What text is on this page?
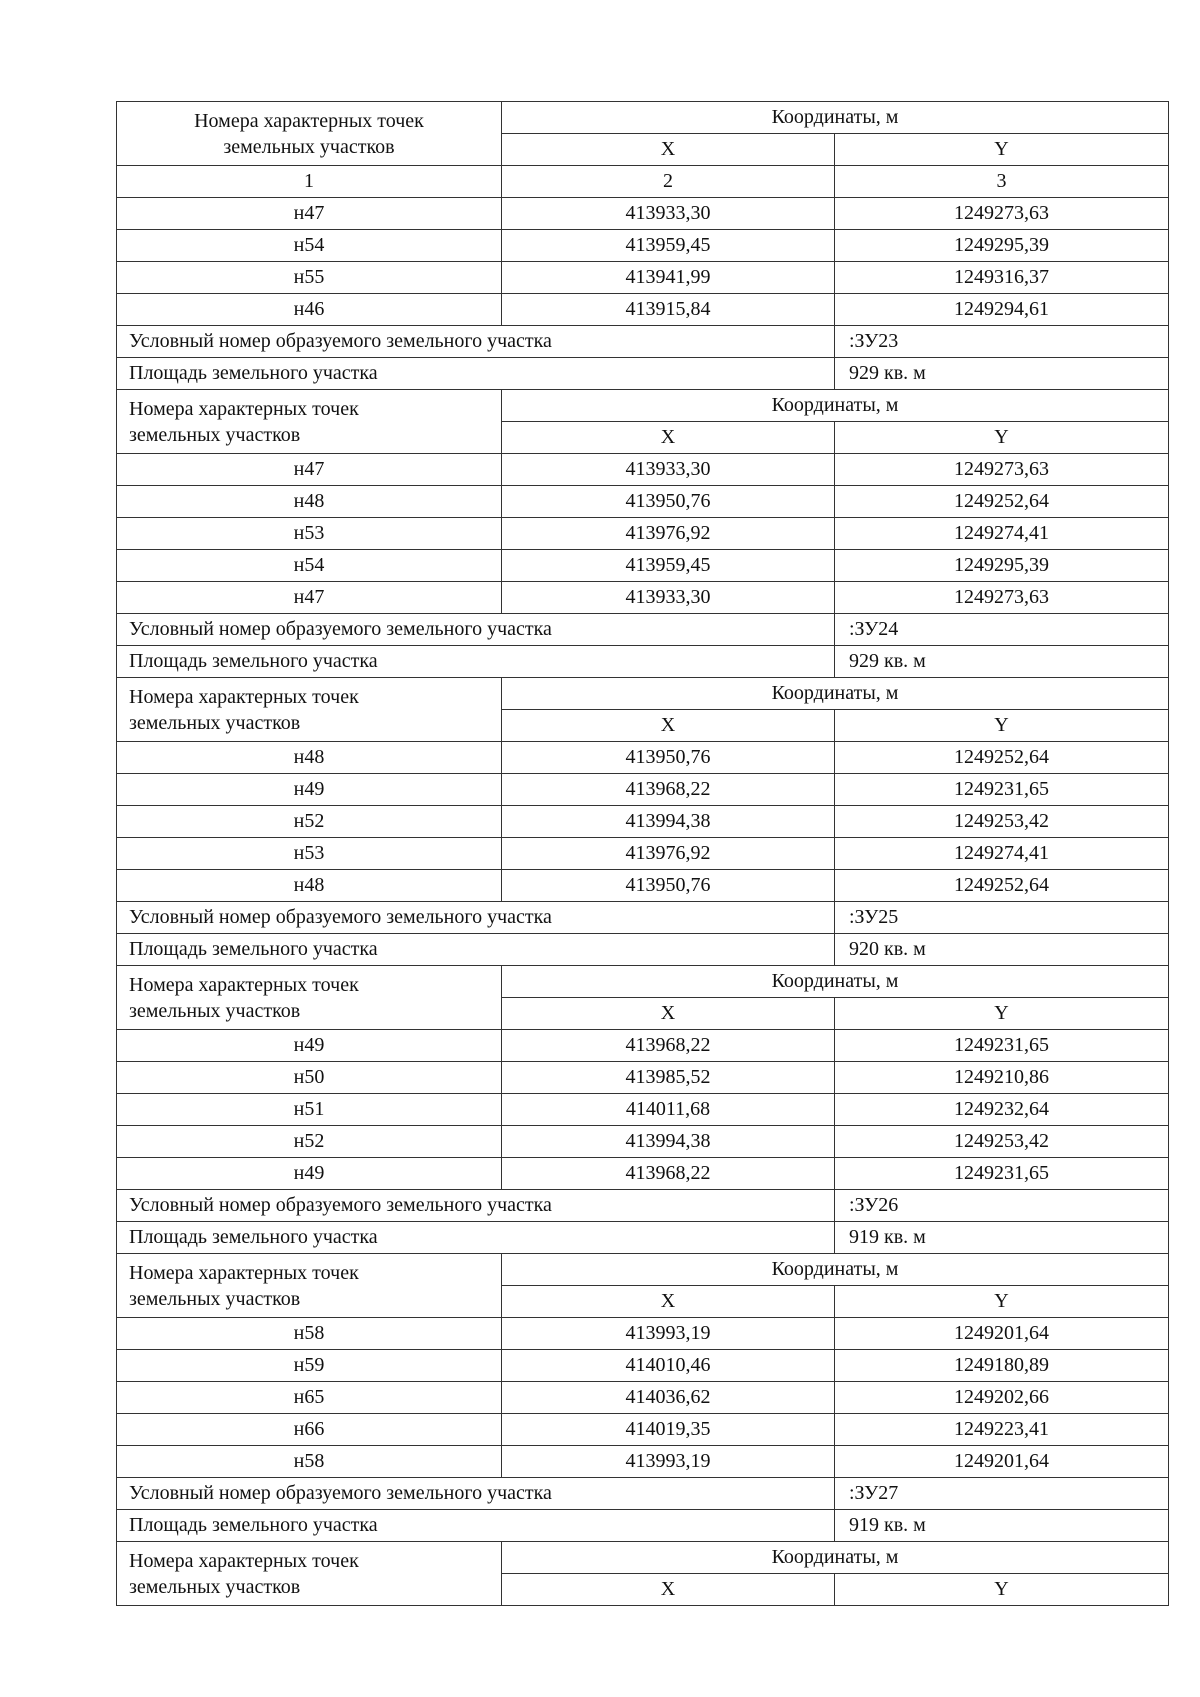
Номера характерных точек
земельных участков	Координаты, м	
	X	Y
1	2	3
н47	413933,30	1249273,63
н54	413959,45	1249295,39
н55	413941,99	1249316,37
н46	413915,84	1249294,61
Условный номер образуемого земельного участка		:ЗУ23
Площадь земельного участка		929 кв. м
Номера характерных точек
земельных участков	Координаты, м	
	X	Y
н47	413933,30	1249273,63
н48	413950,76	1249252,64
н53	413976,92	1249274,41
н54	413959,45	1249295,39
н47	413933,30	1249273,63
Условный номер образуемого земельного участка		:ЗУ24
Площадь земельного участка		929 кв. м
Номера характерных точек
земельных участков	Координаты, м	
	X	Y
н48	413950,76	1249252,64
н49	413968,22	1249231,65
н52	413994,38	1249253,42
н53	413976,92	1249274,41
н48	413950,76	1249252,64
Условный номер образуемого земельного участка		:ЗУ25
Площадь земельного участка		920 кв. м
Номера характерных точек
земельных участков	Координаты, м	
	X	Y
н49	413968,22	1249231,65
н50	413985,52	1249210,86
н51	414011,68	1249232,64
н52	413994,38	1249253,42
н49	413968,22	1249231,65
Условный номер образуемого земельного участка		:ЗУ26
Площадь земельного участка		919 кв. м
Номера характерных точек
земельных участков	Координаты, м	
	X	Y
н58	413993,19	1249201,64
н59	414010,46	1249180,89
н65	414036,62	1249202,66
н66	414019,35	1249223,41
н58	413993,19	1249201,64
Условный номер образуемого земельного участка		:ЗУ27
Площадь земельного участка		919 кв. м
Номера характерных точек
земельных участков	Координаты, м	
	X	Y
